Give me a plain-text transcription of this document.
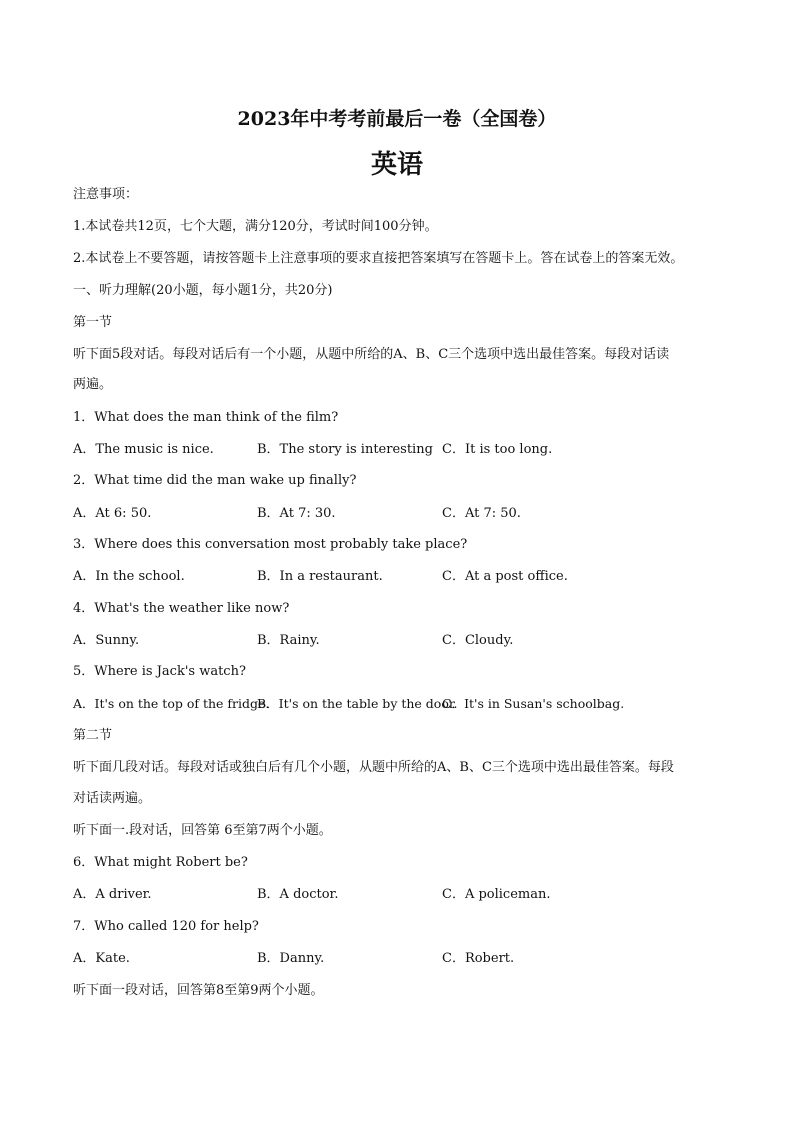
2023年中考考前最后一卷（全国卷）
英语
注意事项：
1.本试卷共12页，七个大题，满分120分，考试时间100分钟。
2.本试卷上不要答题，请按答题卡上注意事项的要求直接把答案填写在答题卡上。答在试卷上的答案无效。
一、听力理解(20小题，每小题1分，共20分)
第一节
听下面5段对话。每段对话后有一个小题，从题中所给的A、B、C三个选项中选出最佳答案。每段对话读
两遍。
1．What does the man think of the film?
A．The music is nice.	B．The story is interesting C．It is too long.
2．What time did the man wake up finally?
A．At 6: 50.	B．At 7: 30.	C．At 7: 50.
3．Where does this conversation most probably take place?
A．In the school.	B．In a restaurant.	C．At a post office.
4．What's the weather like now?
A．Sunny.	B．Rainy.	C．Cloudy.
5．Where is Jack's watch?
A．It's on the top of the fridge.
B．It's on the table by the door.
C．It's in Susan's schoolbag.
第二节
听下面几段对话。每段对话或独白后有几个小题，从题中所给的A、B、C三个选项中选出最佳答案。每段
对话读两遍。
听下面一.段对话，回答第 6至第7两个小题。
6．What might Robert be?
A．A driver.	B．A doctor.	C．A policeman.
7．Who called 120 for help?
A．Kate.	B．Danny.	C．Robert.
听下面一段对话，回答第8至第9两个小题。
